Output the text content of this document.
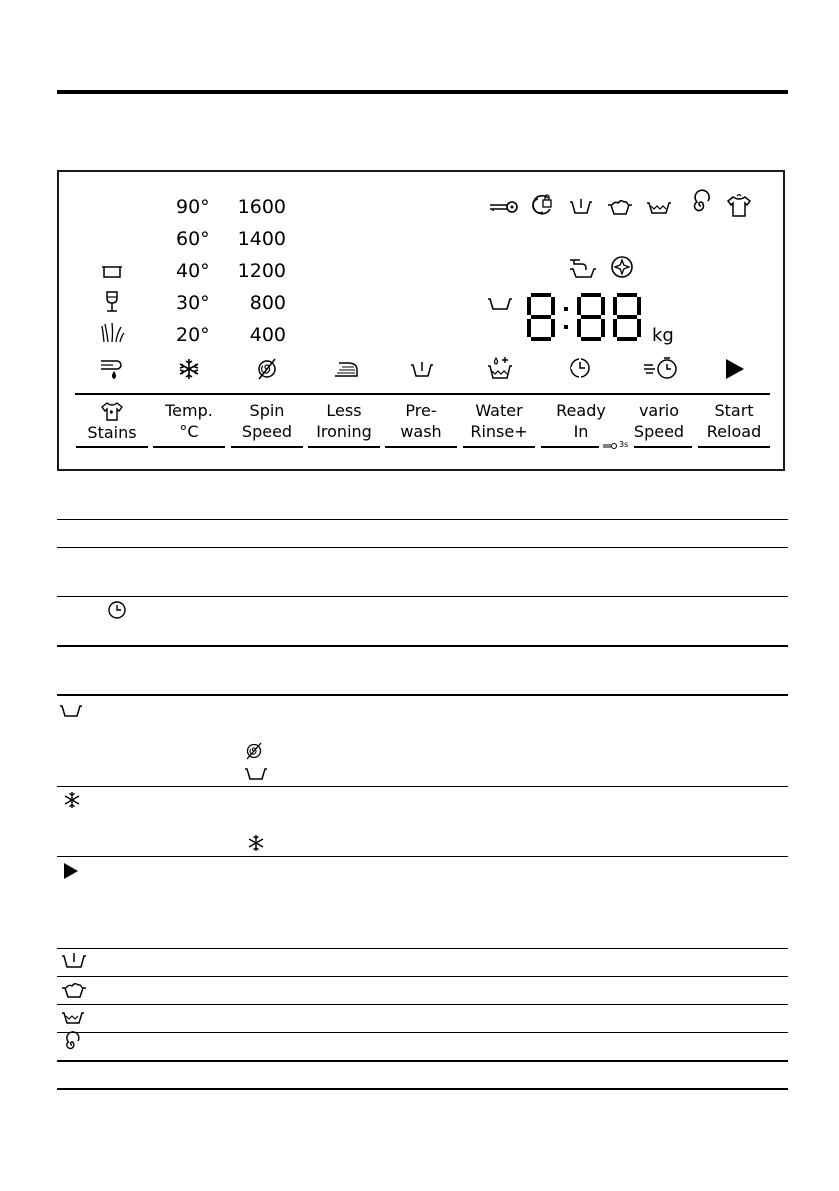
90°
60°
40°
30°
20°
1600
1400
1200
800
400	kg
Stains
Temp.
°C
Spin
Speed
Less
Ironing
Pre-
wash
Water
Rinse+
Ready
In
vario
Speed
Start
Reload
3s
